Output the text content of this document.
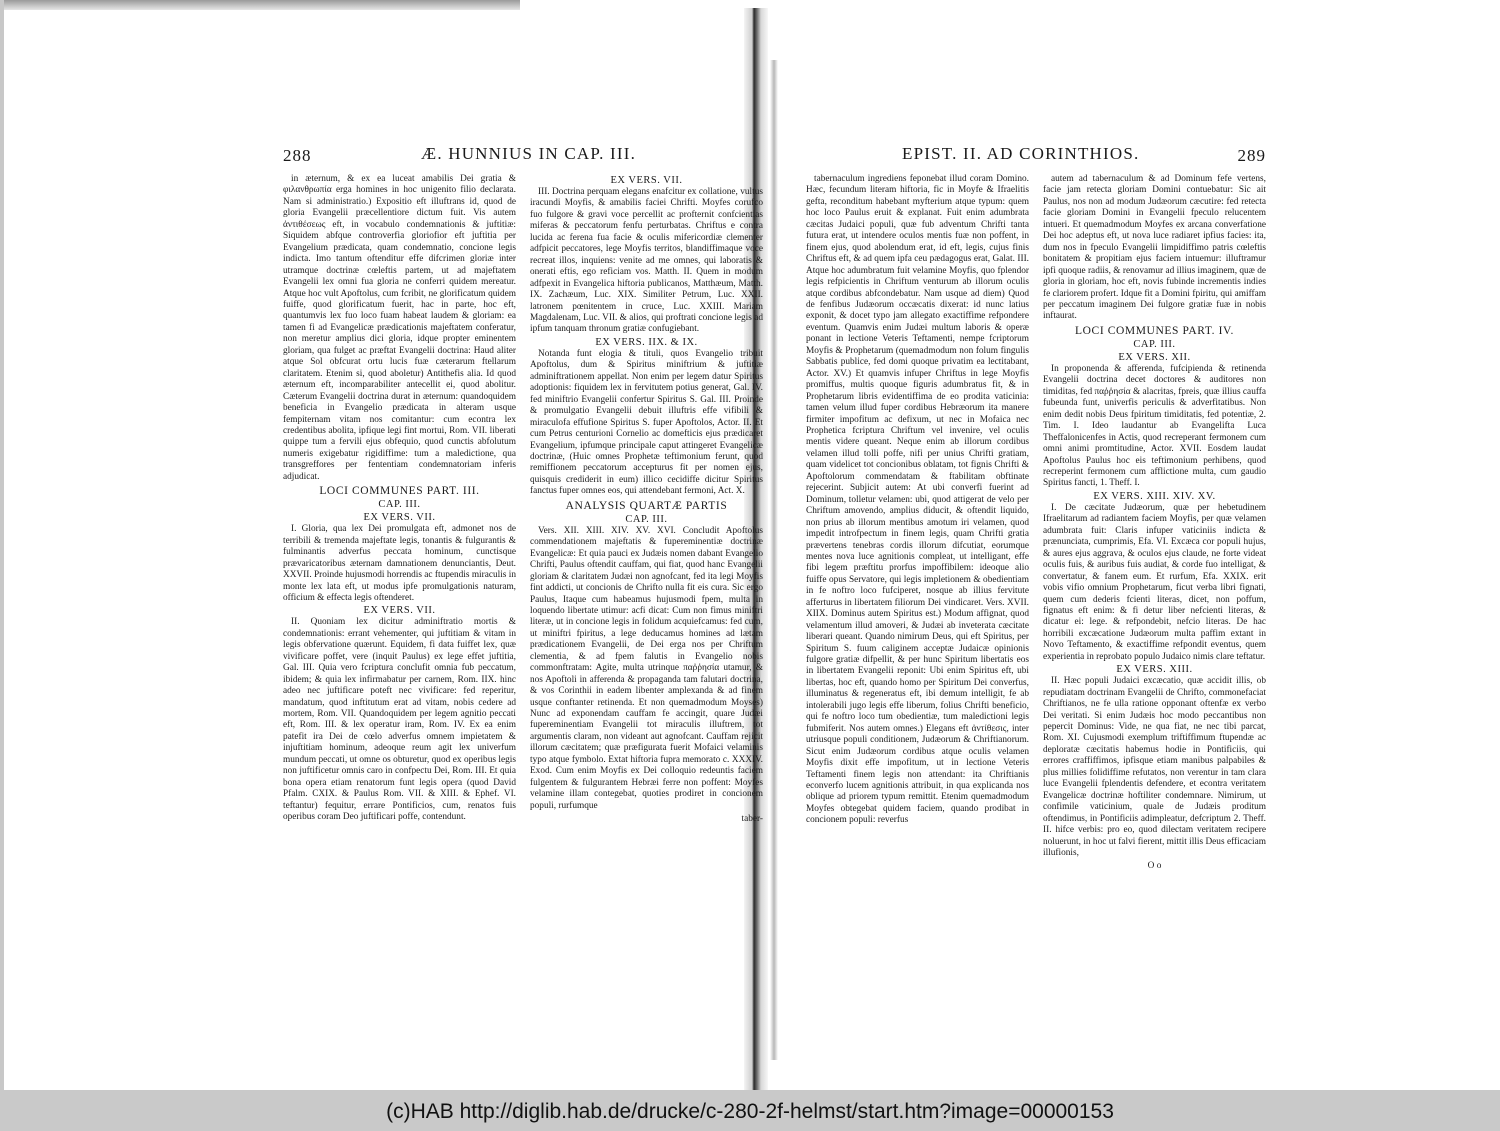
288	Æ. HUNNIUS IN CAP. III.

in æternum, & ex ea luceat amabilis Dei gratia & φιλανθρωπία erga homines in hoc unigenito filio declarata. Nam si administratio.) Expositio eft illuftrans id, quod de gloria Evangelii præcellentiore dictum fuit. Vis autem ἀντιθέσεως eft, in vocabulo condemnationis & juftitiæ: Siquidem abfque controverfia gloriofior eft juftitia per Evangelium prædicata, quam condemnatio, concione legis indicta. Imo tantum oftenditur effe difcrimen gloriæ inter utramque doctrinæ cœleftis partem, ut ad majeftatem Evangelii lex omni fua gloria ne conferri quidem mereatur. Atque hoc vult Apoftolus, cum fcribit, ne glorificatum quidem fuiffe, quod glorificatum fuerit, hac in parte, hoc eft, quantumvis lex fuo loco fuam habeat laudem & gloriam: ea tamen fi ad Evangelicæ prædicationis majeftatem conferatur, non meretur amplius dici gloria, idque propter eminentem gloriam, qua fulget ac præftat Evangelii doctrina: Haud aliter atque Sol obfcurat ortu lucis fuæ cæterarum ftellarum claritatem. Etenim si, quod aboletur) Antithefis alia. Id quod æternum eft, incomparabiliter antecellit ei, quod abolitur. Cæterum Evangelii doctrina durat in æternum: quandoquidem beneficia in Evangelio prædicata in alteram usque fempiternam vitam nos comitantur: cum econtra lex credentibus abolita, ipfique legi fint mortui, Rom. VII. liberati quippe tum a fervili ejus obfequio, quod cunctis abfolutum numeris exigebatur rigidiffime: tum a maledictione, qua transgreffores per fententiam condemnatoriam inferis adjudicat.

LOCI COMMUNES PART. III.
CAP. III.
EX VERS. VII.

I. Gloria, qua lex Dei promulgata eft, admonet nos de terribili & tremenda majeftate legis, tonantis & fulgurantis & fulminantis adverfus peccata hominum, cunctisque prævaricatoribus æternam damnationem denunciantis, Deut. XXVII. Proinde hujusmodi horrendis ac ftupendis miraculis in monte lex lata eft, ut modus ipfe promulgationis naturam, officium & effecta legis oftenderet.

EX VERS. VII.

II. Quoniam lex dicitur adminiftratio mortis & condemnationis: errant vehementer, qui juftitiam & vitam in legis obfervatione quærunt. Equidem, fi data fuiffet lex, quæ vivificare poffet, vere (inquit Paulus) ex lege effet juftitia, Gal. III. Quia vero fcriptura conclufit omnia fub peccatum, ibidem; & quia lex infirmabatur per carnem, Rom. IIX. hinc adeo nec juftificare poteft nec vivificare: fed reperitur, mandatum, quod inftitutum erat ad vitam, nobis cedere ad mortem, Rom. VII. Quandoquidem per legem agnitio peccati eft, Rom. III. & lex operatur iram, Rom. IV. Ex ea enim patefit ira Dei de cœlo adverfus omnem impietatem & injuftitiam hominum, adeoque reum agit lex univerfum mundum peccati, ut omne os obturetur, quod ex operibus legis non juftificetur omnis caro in confpectu Dei, Rom. III. Et quia bona opera etiam renatorum funt legis opera (quod David Pfalm. CXIX. & Paulus Rom. VII. & XIII. & Ephef. VI. teftantur) fequitur, errare Pontificios, cum, renatos fuis operibus coram Deo juftificari poffe, contendunt.

EX VERS. VII.

III. Doctrina perquam elegans enafcitur ex collatione, vultus iracundi Moyfis, & amabilis faciei Chrifti. Moyfes corufco fuo fulgore & gravi voce percellit ac profternit confcientias miferas & peccatorum fenfu perturbatas. Chriftus e contra lucida ac ferena fua facie & oculis mifericordiæ clementer adfpicit peccatores, lege Moyfis territos, blandiffimaque voce recreat illos, inquiens: venite ad me omnes, qui laboratis & onerati eftis, ego reficiam vos. Matth. II. Quem in modum adfpexit in Evangelica hiftoria publicanos, Matthæum, Matth. IX. Zachæum, Luc. XIX. Similiter Petrum, Luc. XXII. latronem pœnitentem in cruce, Luc. XXIII. Mariam Magdalenam, Luc. VII. & alios, qui proftrati concione legis ad ipfum tanquam thronum gratiæ confugiebant.

EX VERS. IIX. & IX.

Notanda funt elogia & tituli, quos Evangelio tribuit Apoftolus, dum & Spiritus miniftrium & juftitiæ adminiftrationem appellat. Non enim per legem datur Spiritus adoptionis: fiquidem lex in fervitutem potius generat, Gal. IV. fed miniftrio Evangelii confertur Spiritus S. Gal. III. Proinde & promulgatio Evangelii debuit illuftris effe vifibili & miraculofa effufione Spiritus S. fuper Apoftolos, Actor. II. Et cum Petrus centurioni Cornelio ac domefticis ejus prædicaret Evangelium, ipfumque principale caput attingeret Evangelicæ doctrinæ, (Huic omnes Prophetæ teftimonium ferunt, quod remiffionem peccatorum accepturus fit per nomen ejus, quisquis crediderit in eum) illico cecidiffe dicitur Spiritus fanctus fuper omnes eos, qui attendebant fermoni, Act. X.

ANALYSIS QUARTÆ PARTIS
CAP. III.

Vers. XII. XIII. XIV. XV. XVI. Concludit Apoftolus commendationem majeftatis & fupereminentiæ doctrinæ Evangelicæ: Et quia pauci ex Judæis nomen dabant Evangelio Chrifti, Paulus oftendit cauffam, qui fiat, quod hanc Evangelii gloriam & claritatem Judæi non agnofcant, fed ita legi Moyfis fint addicti, ut concionis de Chrifto nulla fit eis cura. Sic ergo Paulus, Itaque cum habeamus hujusmodi fpem, multa in loquendo libertate utimur: acfi dicat: Cum non fimus miniftri literæ, ut in concione legis in folidum acquiefcamus: fed cum, ut miniftri fpiritus, a lege deducamus homines ad lætam prædicationem Evangelii, de Dei erga nos per Chriftum clementia, & ad fpem falutis in Evangelio nobis commonftratam: Agite, multa utrinque παῤῥησία utamur, & nos Apoftoli in afferenda & propaganda tam falutari doctrina, & vos Corinthii in eadem libenter amplexanda & ad finem usque conftanter retinenda. Et non quemadmodum Moyses) Nunc ad exponendam cauffam fe accingit, quare Judæi fupereminentiam Evangelii tot miraculis illuftrem, tot argumentis claram, non videant aut agnofcant. Cauffam rejicit illorum cæcitatem; quæ præfigurata fuerit Mofaici velaminis typo atque fymbolo. Extat hiftoria fupra memorato c. XXXIV. Exod. Cum enim Moyfis ex Dei colloquio redeuntis faciem fulgentem & fulgurantem Hebræi ferre non poffent: Moyfes velamine illam contegebat, quoties prodiret in concionem populi, rurfumque

taber-
EPIST. II. AD CORINTHIOS.	289

tabernaculum ingrediens feponebat illud coram Domino. Hæc, fecundum literam hiftoria, fic in Moyfe & Ifraelitis gefta, reconditum habebant myfterium atque typum: quem hoc loco Paulus eruit & explanat. Fuit enim adumbrata cæcitas Judaici populi, quæ fub adventum Chrifti tanta futura erat, ut intendere oculos mentis fuæ non poffent, in finem ejus, quod abolendum erat, id eft, legis, cujus finis Chriftus eft, & ad quem ipfa ceu pædagogus erat, Galat. III. Atque hoc adumbratum fuit velamine Moyfis, quo fplendor legis refpicientis in Chriftum venturum ab illorum oculis atque cordibus abfcondebatur. Nam usque ad diem) Quod de fenfibus Judæorum occæcatis dixerat: id nunc latius exponit, & docet typo jam allegato exactiffime refpondere eventum. Quamvis enim Judæi multum laboris & operæ ponant in lectione Veteris Teftamenti, nempe fcriptorum Moyfis & Prophetarum (quemadmodum non folum fingulis Sabbatis publice, fed domi quoque privatim ea lectitabant, Actor. XV.) Et quamvis infuper Chriftus in lege Moyfis promiffus, multis quoque figuris adumbratus fit, & in Prophetarum libris evidentiffima de eo prodita vaticinia: tamen velum illud fuper cordibus Hebræorum ita manere firmiter impofitum ac defixum, ut nec in Mofaica nec Prophetica fcriptura Chriftum vel invenire, vel oculis mentis videre queant. Neque enim ab illorum cordibus velamen illud tolli poffe, nifi per unius Chrifti gratiam, quam videlicet tot concionibus oblatam, tot fignis Chrifti & Apoftolorum commendatam & ftabilitam obftinate rejecerint. Subjicit autem: At ubi converfi fuerint ad Dominum, tolletur velamen: ubi, quod attigerat de velo per Chriftum amovendo, amplius diducit, & oftendit liquido, non prius ab illorum mentibus amotum iri velamen, quod impedit introfpectum in finem legis, quam Chrifti gratia prævertens tenebras cordis illorum difcutiat, eorumque mentes nova luce agnitionis compleat, ut intelligant, effe fibi legem præftitu prorfus impoffibilem: ideoque alio fuiffe opus Servatore, qui legis impletionem & obedientiam in fe noftro loco fufciperet, nosque ab illius fervitute afferturus in libertatem filiorum Dei vindicaret. Vers. XVII. XIIX. Dominus autem Spiritus est.) Modum affignat, quod velamentum illud amoveri, & Judæi ab inveterata cæcitate liberari queant. Quando nimirum Deus, qui eft Spiritus, per Spiritum S. fuum caliginem acceptæ Judaicæ opinionis fulgore gratiæ difpellit, & per hunc Spiritum libertatis eos in libertatem Evangelii reponit: Ubi enim Spiritus eft, ubi libertas, hoc eft, quando homo per Spiritum Dei converfus, illuminatus & regeneratus eft, ibi demum intelligit, fe ab intolerabili jugo legis effe liberum, folius Chrifti beneficio, qui fe noftro loco tum obedientiæ, tum maledictioni legis fubmiferit. Nos autem omnes.) Elegans eft ἀντίθεσις, inter utriusque populi conditionem, Judæorum & Chriftianorum. Sicut enim Judæorum cordibus atque oculis velamen Moyfis dixit effe impofitum, ut in lectione Veteris Teftamenti finem legis non attendant: ita Chriftianis econverfo lucem agnitionis attribuit, in qua explicanda nos oblique ad priorem typum remittit. Etenim quemadmodum Moyfes obtegebat quidem faciem, quando prodibat in concionem populi: reverfus

autem ad tabernaculum & ad Dominum fefe vertens, facie jam retecta gloriam Domini contuebatur: Sic ait Paulus, nos non ad modum Judæorum cæcutire: fed retecta facie gloriam Domini in Evangelii fpeculo relucentem intueri. Et quemadmodum Moyfes ex arcana converfatione Dei hoc adeptus eft, ut nova luce radiaret ipfius facies: ita, dum nos in fpeculo Evangelii limpidiffimo patris cœleftis bonitatem & propitiam ejus faciem intuemur: illuftramur ipfi quoque radiis, & renovamur ad illius imaginem, quæ de gloria in gloriam, hoc eft, novis fubinde incrementis indies fe clariorem profert. Idque fit a Domini fpiritu, qui amiffam per peccatum imaginem Dei fulgore gratiæ fuæ in nobis inftaurat.

LOCI COMMUNES PART. IV.
CAP. III.
EX VERS. XII.

In proponenda & afferenda, fufcipienda & retinenda Evangelii doctrina decet doctores & auditores non timiditas, fed παῤῥησία & alacritas, fpreis, quæ illius cauffa fubeunda funt, univerfis periculis & adverfitatibus. Non enim dedit nobis Deus fpiritum timiditatis, fed potentiæ, 2. Tim. I. Ideo laudantur ab Evangelifta Luca Theffalonicenfes in Actis, quod recreperant fermonem cum omni animi promtitudine, Actor. XVII. Eosdem laudat Apoftolus Paulus hoc eis teftimonium perhibens, quod recreperint fermonem cum afflictione multa, cum gaudio Spiritus fancti, 1. Theff. I.

EX VERS. XIII. XIV. XV.

I. De cæcitate Judæorum, quæ per hebetudinem Ifraelitarum ad radiantem faciem Moyfis, per quæ velamen adumbrata fuit: Claris infuper vaticiniis indicta & prænunciata, cumprimis, Efa. VI. Excæca cor populi hujus, & aures ejus aggrava, & oculos ejus claude, ne forte videat oculis fuis, & auribus fuis audiat, & corde fuo intelligat, & convertatur, & fanem eum. Et rurfum, Efa. XXIX. erit vobis vifio omnium Prophetarum, ficut verba libri fignati, quem cum dederis fcienti literas, dicet, non poffum, fignatus eft enim: & fi detur liber nefcienti literas, & dicatur ei: lege. & refpondebit, nefcio literas. De hac horribili excæcatione Judæorum multa paffim extant in Novo Teftamento, & exactiffime refpondit eventus, quem experientia in reprobato populo Judaico nimis clare teftatur.

EX VERS. XIII.

II. Hæc populi Judaici excæcatio, quæ accidit illis, ob repudiatam doctrinam Evangelii de Chrifto, commonefaciat Chriftianos, ne fe ulla ratione opponant oftenfæ ex verbo Dei veritati. Si enim Judæis hoc modo peccantibus non pepercit Dominus: Vide, ne qua fiat, ne nec tibi parcat, Rom. XI. Cujusmodi exemplum triftiffimum ftupendæ ac deploratæ cæcitatis habemus hodie in Pontificiis, qui errores craffiffimos, ipfisque etiam manibus palpabiles & plus millies folidiffime refutatos, non verentur in tam clara luce Evangelii fplendentis defendere, et econtra veritatem Evangelicæ doctrinæ hoftiliter condemnare. Nimirum, ut confimile vaticinium, quale de Judæis proditum oftendimus, in Pontificiis adimpleatur, defcriptum 2. Theff. II. hifce verbis: pro eo, quod dilectam veritatem recipere noluerunt, in hoc ut falvi fierent, mittit illis Deus efficaciam illufionis,

O o
(c)HAB http://diglib.hab.de/drucke/c-280-2f-helmst/start.htm?image=00000153
